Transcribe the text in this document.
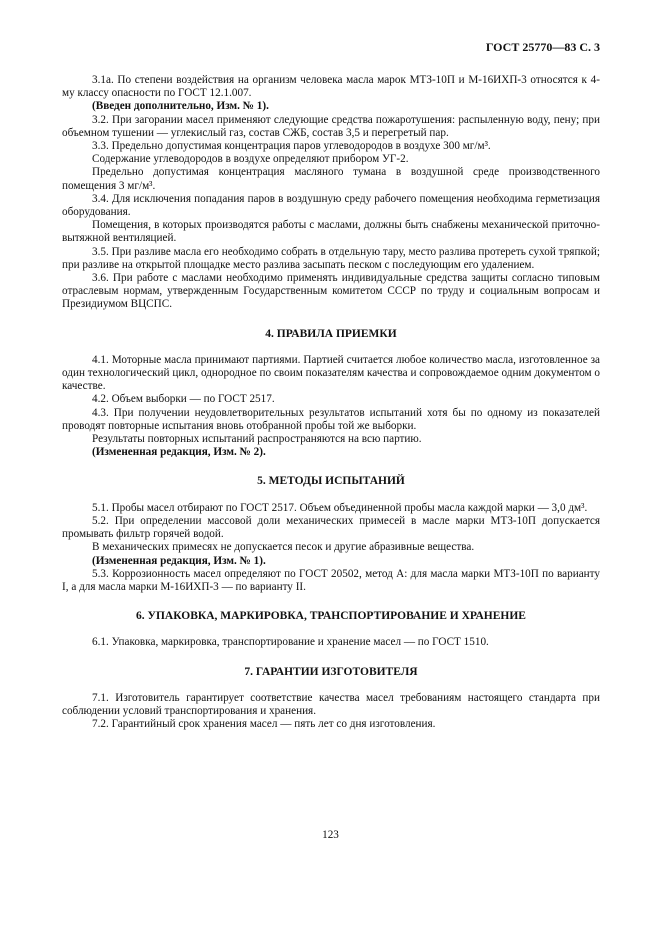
ГОСТ 25770—83 С. 3

3.1а. По степени воздействия на организм человека масла марок МТЗ-10П и М-16ИХП-3 относятся к 4-му классу опасности по ГОСТ 12.1.007.

(Введен дополнительно, Изм. № 1).

3.2. При загорании масел применяют следующие средства пожаротушения: распыленную воду, пену; при объемном тушении — углекислый газ, состав СЖБ, состав 3,5 и перегретый пар.

3.3. Предельно допустимая концентрация паров углеводородов в воздухе 300 мг/м³.

Содержание углеводородов в воздухе определяют прибором УГ-2.

Предельно допустимая концентрация масляного тумана в воздушной среде производственного помещения 3 мг/м³.

3.4. Для исключения попадания паров в воздушную среду рабочего помещения необходима герметизация оборудования.

Помещения, в которых производятся работы с маслами, должны быть снабжены механической приточно-вытяжной вентиляцией.

3.5. При разливе масла его необходимо собрать в отдельную тару, место разлива протереть сухой тряпкой; при разливе на открытой площадке место разлива засыпать песком с последующим его удалением.

3.6. При работе с маслами необходимо применять индивидуальные средства защиты согласно типовым отраслевым нормам, утвержденным Государственным комитетом СССР по труду и социальным вопросам и Президиумом ВЦСПС.

4. ПРАВИЛА ПРИЕМКИ

4.1. Моторные масла принимают партиями. Партией считается любое количество масла, изготовленное за один технологический цикл, однородное по своим показателям качества и сопровождаемое одним документом о качестве.

4.2. Объем выборки — по ГОСТ 2517.

4.3. При получении неудовлетворительных результатов испытаний хотя бы по одному из показателей проводят повторные испытания вновь отобранной пробы той же выборки.

Результаты повторных испытаний распространяются на всю партию.

(Измененная редакция, Изм. № 2).

5. МЕТОДЫ ИСПЫТАНИЙ

5.1. Пробы масел отбирают по ГОСТ 2517. Объем объединенной пробы масла каждой марки — 3,0 дм³.

5.2. При определении массовой доли механических примесей в масле марки МТЗ-10П допускается промывать фильтр горячей водой.

В механических примесях не допускается песок и другие абразивные вещества.

(Измененная редакция, Изм. № 1).

5.3. Коррозионность масел определяют по ГОСТ 20502, метод А: для масла марки МТЗ-10П по варианту I, а для масла марки М-16ИХП-3 — по варианту II.

6. УПАКОВКА, МАРКИРОВКА, ТРАНСПОРТИРОВАНИЕ И ХРАНЕНИЕ

6.1. Упаковка, маркировка, транспортирование и хранение масел — по ГОСТ 1510.

7. ГАРАНТИИ ИЗГОТОВИТЕЛЯ

7.1. Изготовитель гарантирует соответствие качества масел требованиям настоящего стандарта при соблюдении условий транспортирования и хранения.

7.2. Гарантийный срок хранения масел — пять лет со дня изготовления.

123
